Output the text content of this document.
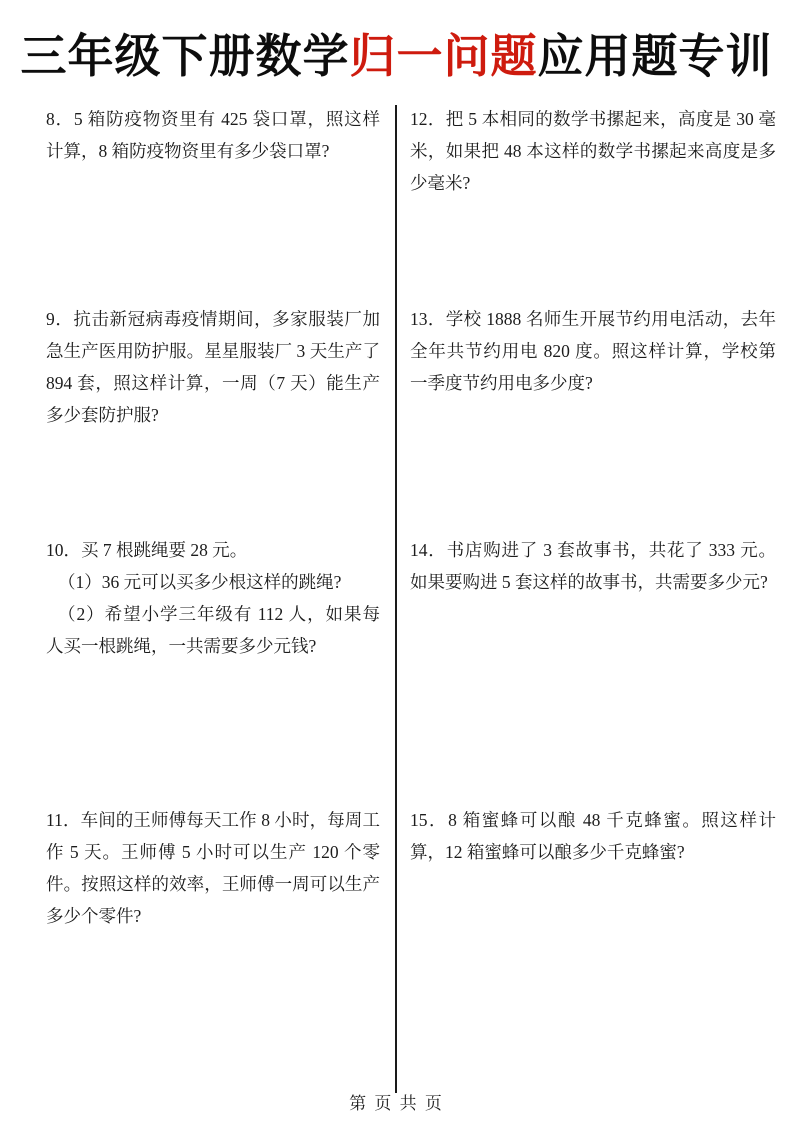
三年级下册数学归一问题应用题专训

8．5 箱防疫物资里有 425 袋口罩，照这样计算，8 箱防疫物资里有多少袋口罩?

9．抗击新冠病毒疫情期间，多家服装厂加急生产医用防护服。星星服装厂 3 天生产了 894 套，照这样计算，一周（7 天）能生产多少套防护服?

10．买 7 根跳绳要 28 元。

（1）36 元可以买多少根这样的跳绳?

（2）希望小学三年级有 112 人，如果每人买一根跳绳，一共需要多少元钱?

11．车间的王师傅每天工作 8 小时，每周工作 5 天。王师傅 5 小时可以生产 120 个零件。按照这样的效率，王师傅一周可以生产多少个零件?

12．把 5 本相同的数学书摞起来，高度是 30 毫米，如果把 48 本这样的数学书摞起来高度是多少毫米?

13．学校 1888 名师生开展节约用电活动，去年全年共节约用电 820 度。照这样计算，学校第一季度节约用电多少度?

14．书店购进了 3 套故事书，共花了 333 元。如果要购进 5 套这样的故事书，共需要多少元?

15．8 箱蜜蜂可以酿 48 千克蜂蜜。照这样计算，12 箱蜜蜂可以酿多少千克蜂蜜?

第 页 共 页
